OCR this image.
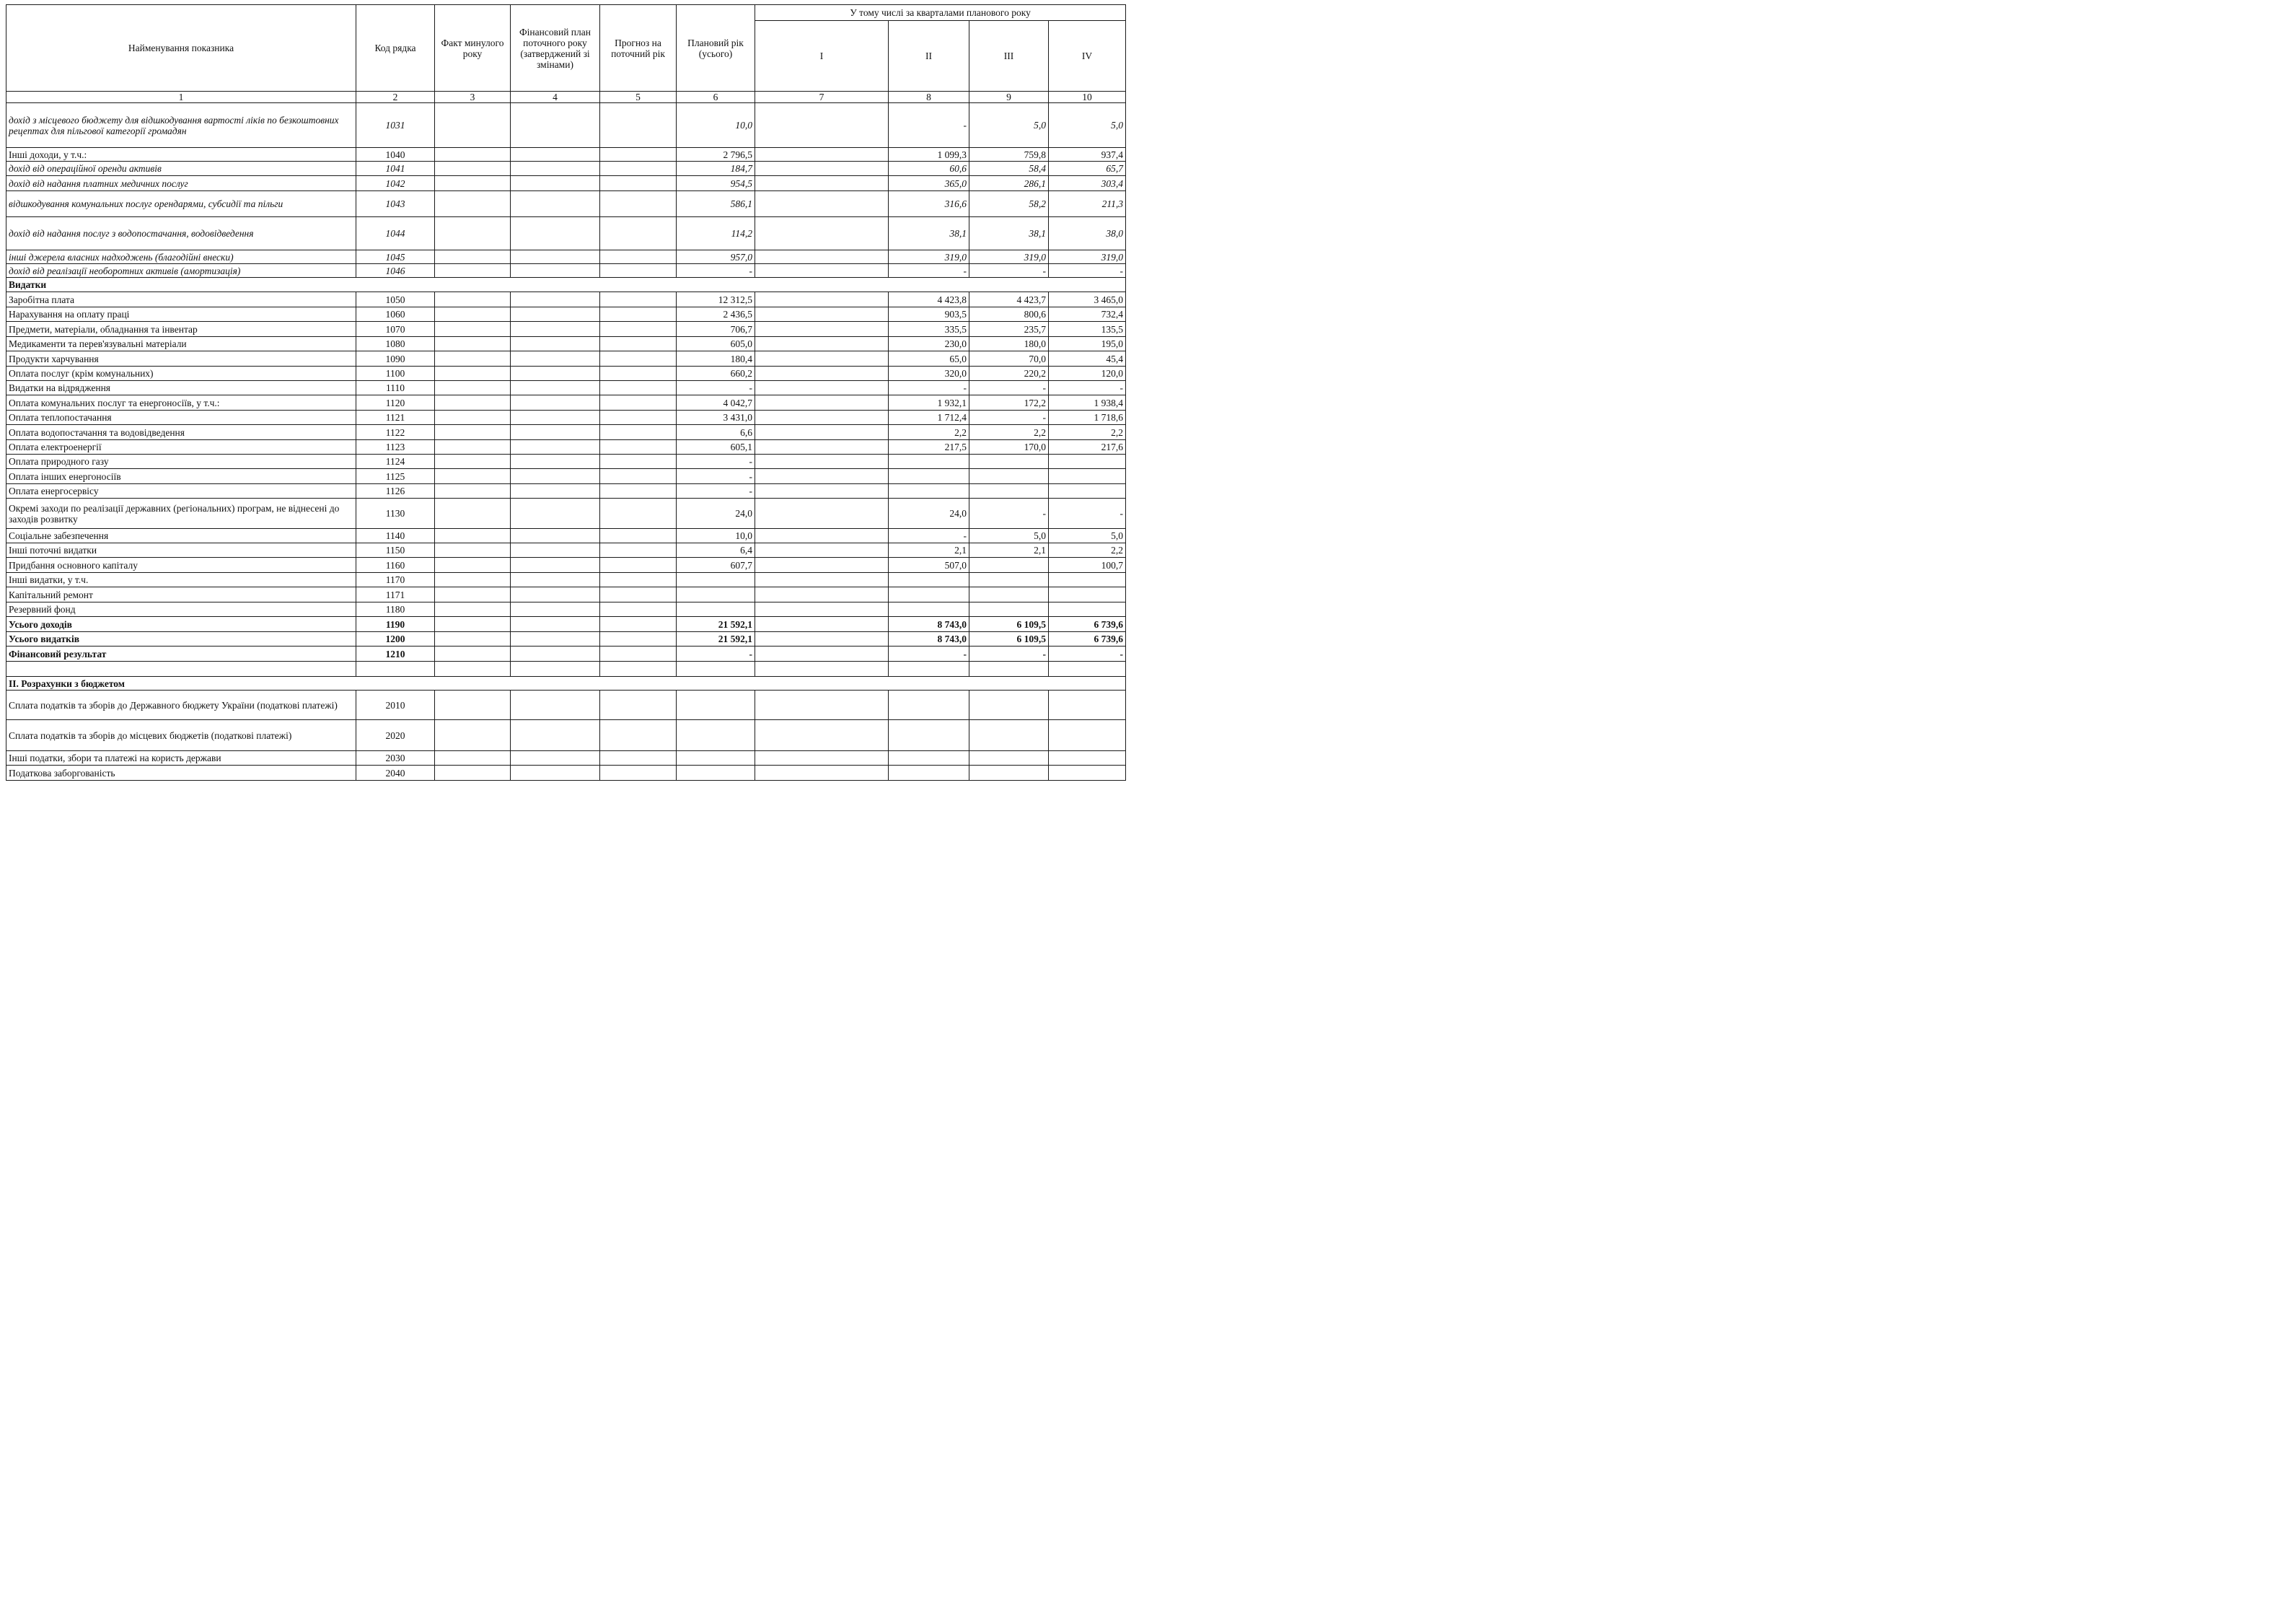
Найменування показника	Код рядка	Факт минулого року	Фінансовий план поточного року (затверджений зі змінами)	Прогноз на поточний рік	Плановий рік (усього)	У тому числі за кварталами планового року			
						I	II	III	IV
1	2	3	4	5	6	7	8	9	10
дохід з місцевого бюджету для відшкодування вартості ліків по безкоштовних рецептах для пільгової категорії громадян	1031				10,0		-	5,0	5,0
Інші доходи, у т.ч.:	1040				2 796,5		1 099,3	759,8	937,4
дохід від операційної оренди активів	1041				184,7		60,6	58,4	65,7
дохід від надання платних медичних послуг	1042				954,5		365,0	286,1	303,4
відшкодування комунальних послуг орендарями, субсидії та пільги	1043				586,1		316,6	58,2	211,3
дохід від надання послуг з водопостачання, водовідведення	1044				114,2		38,1	38,1	38,0
інші джерела власних надходжень (благодійні внески)	1045				957,0		319,0	319,0	319,0
дохід від реалізації необоротних активів (амортизація)	1046				-		-	-	-
Видатки									
Заробітна плата	1050				12 312,5		4 423,8	4 423,7	3 465,0
Нарахування на оплату праці	1060				2 436,5		903,5	800,6	732,4
Предмети, матеріали, обладнання та інвентар	1070				706,7		335,5	235,7	135,5
Медикаменти та перев'язувальні матеріали	1080				605,0		230,0	180,0	195,0
Продукти харчування	1090				180,4		65,0	70,0	45,4
Оплата послуг (крім комунальних)	1100				660,2		320,0	220,2	120,0
Видатки на відрядження	1110				-		-	-	-
Оплата комунальних послуг та енергоносіїв, у т.ч.:	1120				4 042,7		1 932,1	172,2	1 938,4
Оплата теплопостачання	1121				3 431,0		1 712,4	-	1 718,6
Оплата водопостачання та водовідведення	1122				6,6		2,2	2,2	2,2
Оплата електроенергії	1123				605,1		217,5	170,0	217,6
Оплата природного газу	1124				-				
Оплата інших енергоносіїв	1125				-				
Оплата енергосервісу	1126				-				
Окремі заходи по реалізації державних (регіональних) програм, не віднесені до заходів розвитку	1130				24,0		24,0	-	-
Соціальне забезпечення	1140				10,0		-	5,0	5,0
Інші поточні видатки	1150				6,4		2,1	2,1	2,2
Придбання основного капіталу	1160				607,7		507,0		100,7
Інші видатки, у т.ч.	1170								
Капітальний ремонт	1171								
Резервний фонд	1180								
Усього доходів	1190				21 592,1		8 743,0	6 109,5	6 739,6
Усього видатків	1200				21 592,1		8 743,0	6 109,5	6 739,6
Фінансовий результат	1210				-		-	-	-

ІІ. Розрахунки з бюджетом									
Сплата податків та зборів до Державного бюджету України (податкові платежі)	2010								
Сплата податків та зборів до місцевих бюджетів (податкові платежі)	2020								
Інші податки, збори та платежі на користь держави	2030								
Податкова заборгованість	2040								
